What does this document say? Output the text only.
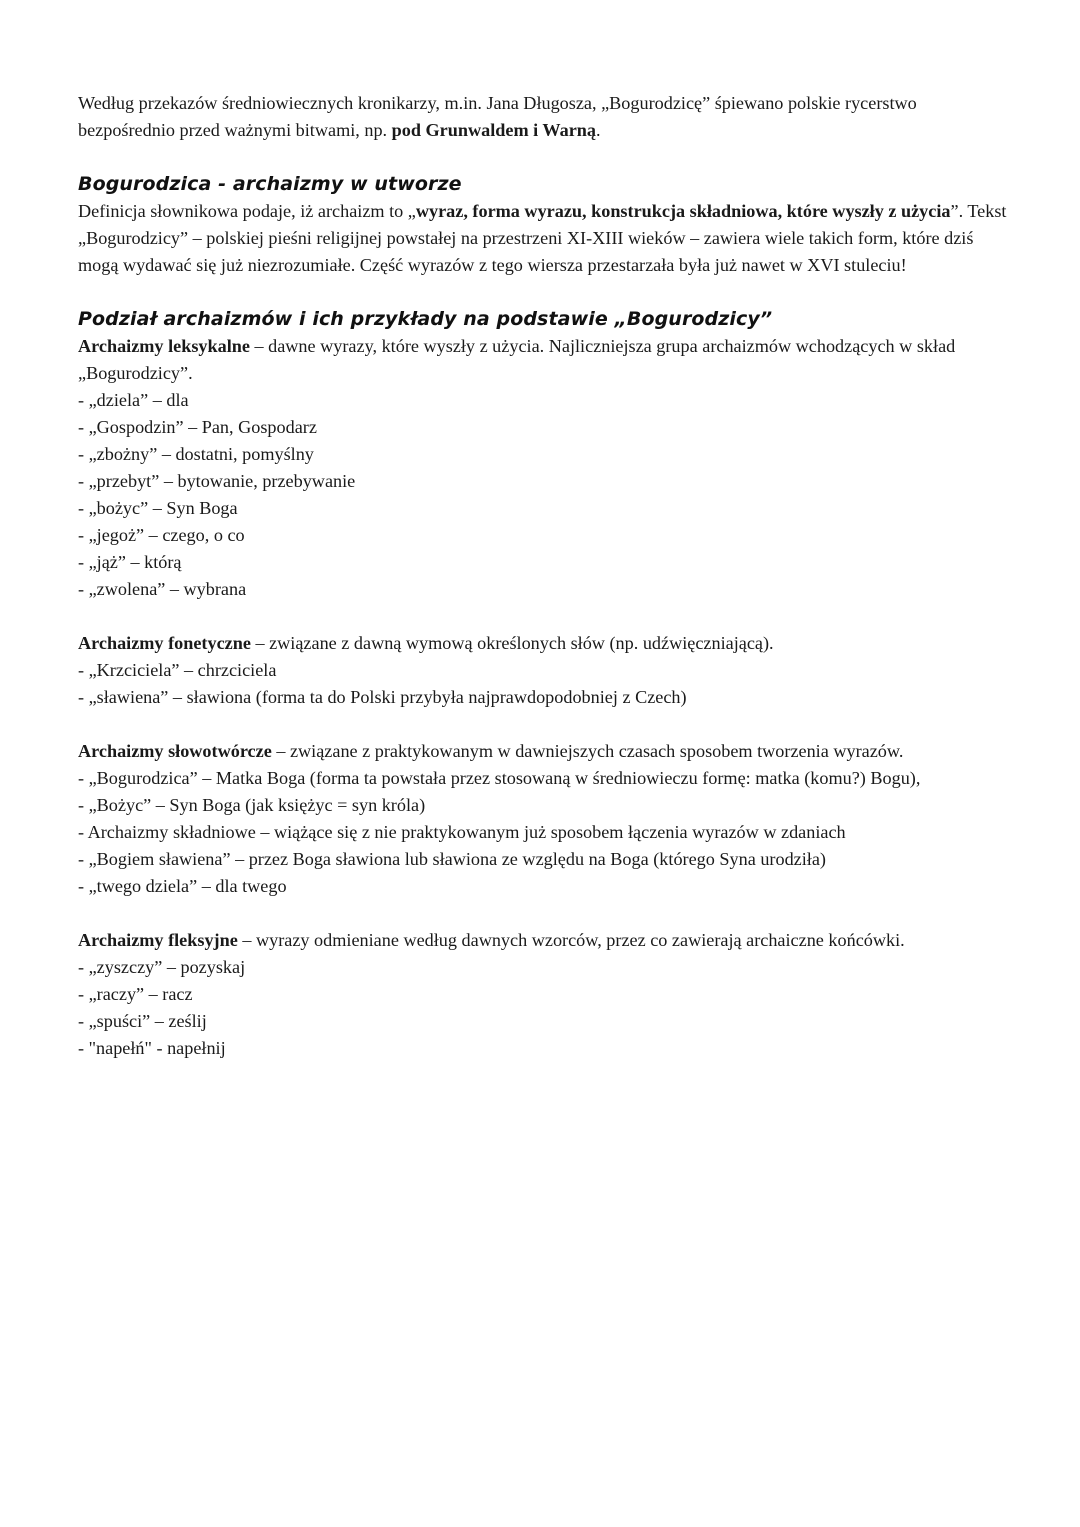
Według przekazów średniowiecznych kronikarzy, m.in. Jana Długosza, „Bogurodzicę” śpiewano polskie rycerstwo bezpośrednio przed ważnymi bitwami, np. pod Grunwaldem i Warną.

Bogurodzica - archaizmy w utworze

Definicja słownikowa podaje, iż archaizm to „wyraz, forma wyrazu, konstrukcja składniowa, które wyszły z użycia”. Tekst „Bogurodzicy” – polskiej pieśni religijnej powstałej na przestrzeni XI-XIII wieków – zawiera wiele takich form, które dziś mogą wydawać się już niezrozumiałe. Część wyrazów z tego wiersza przestarzała była już nawet w XVI stuleciu!

Podział archaizmów i ich przykłady na podstawie „Bogurodzicy”

Archaizmy leksykalne – dawne wyrazy, które wyszły z użycia. Najliczniejsza grupa archaizmów wchodzących w skład „Bogurodzicy”.

- „dziela” – dla
- „Gospodzin” – Pan, Gospodarz
- „zbożny” – dostatni, pomyślny
- „przebyt” – bytowanie, przebywanie
- „bożyc” – Syn Boga
- „jegoż” – czego, o co
- „jąż” – którą
- „zwolena” – wybrana

Archaizmy fonetyczne – związane z dawną wymową określonych słów (np. udźwięczniającą).

- „Krzciciela” – chrzciciela
- „sławiena” – sławiona (forma ta do Polski przybyła najprawdopodobniej z Czech)

Archaizmy słowotwórcze – związane z praktykowanym w dawniejszych czasach sposobem tworzenia wyrazów.

- „Bogurodzica” – Matka Boga (forma ta powstała przez stosowaną w średniowieczu formę: matka (komu?) Bogu),
- „Bożyc” – Syn Boga (jak księżyc = syn króla)
- Archaizmy składniowe – wiążące się z nie praktykowanym już sposobem łączenia wyrazów w zdaniach
- „Bogiem sławiena” – przez Boga sławiona lub sławiona ze względu na Boga (którego Syna urodziła)
- „twego dziela” – dla twego

Archaizmy fleksyjne – wyrazy odmieniane według dawnych wzorców, przez co zawierają archaiczne końcówki.

- „zyszczy” – pozyskaj
- „raczy” – racz
- „spuści” – ześlij
- "napełń" - napełnij
